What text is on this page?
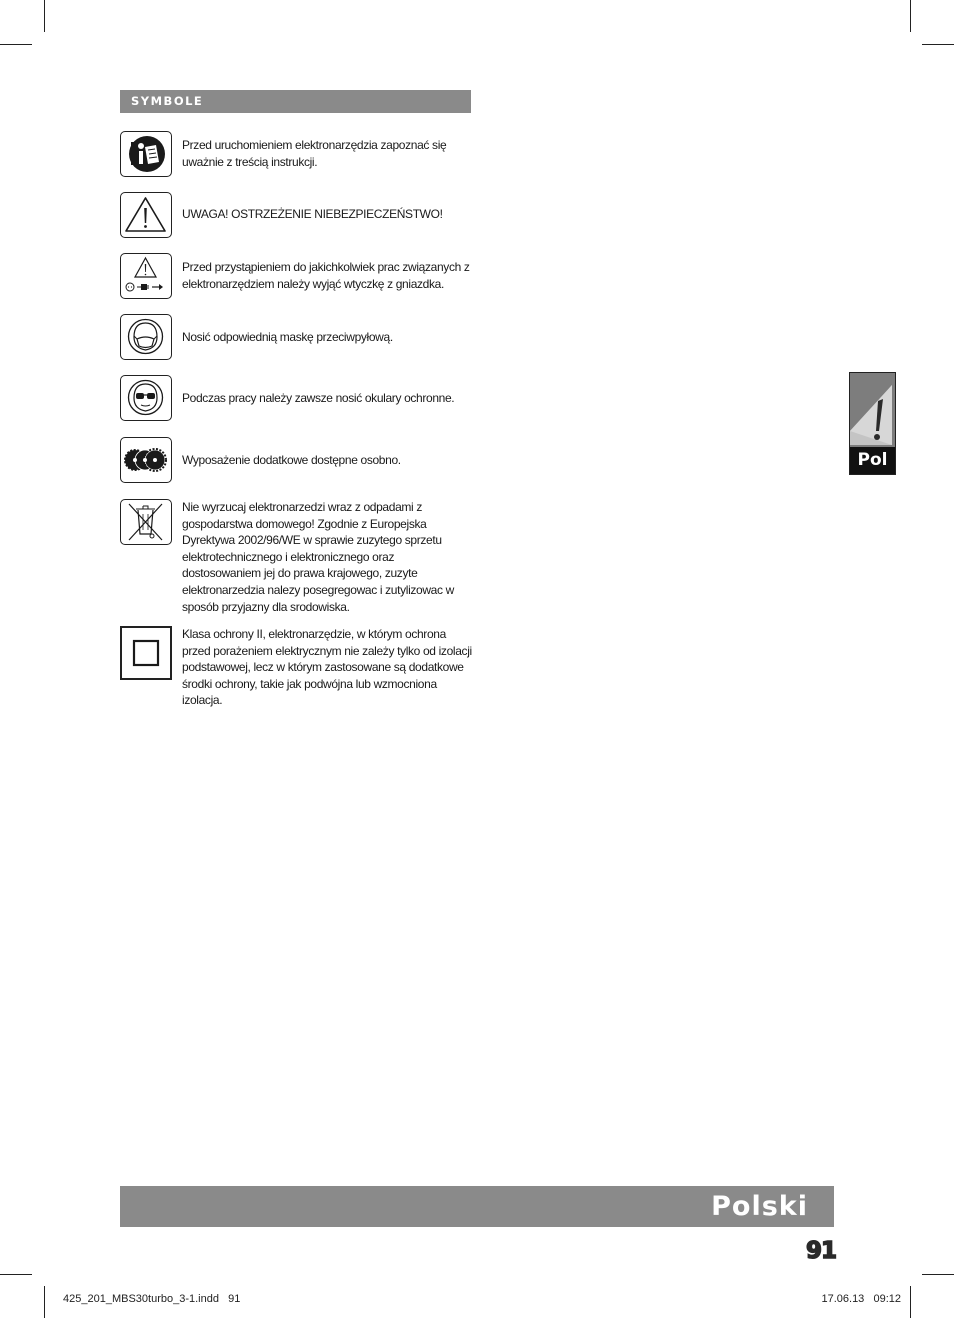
SYMBOLE
Przed uruchomieniem elektronarzędzia zapoznać się uważnie z treścią instrukcji.
UWAGA! OSTRZEŻENIE NIEBEZPIECZEŃSTWO!
Przed przystąpieniem do jakichkolwiek prac związanych z elektronarzędziem należy wyjąć wtyczkę z gniazdka.
Nosić odpowiednią maskę przeciwpyłową.
Podczas pracy należy zawsze nosić okulary ochronne.
Wyposażenie dodatkowe dostępne osobno.
Nie wyrzucaj elektronarzedzi wraz z odpadami z gospodarstwa domowego! Zgodnie z Europejska Dyrektywa 2002/96/WE w sprawie zuzytego sprzetu elektrotechnicznego i elektronicznego oraz dostosowaniem jej do prawa krajowego, zuzyte elektronarzedzia nalezy posegregowac i zutylizowac w sposób przyjazny dla srodowiska.
Klasa ochrony II, elektronarzędzie, w którym ochrona przed porażeniem elektrycznym nie zależy tylko od izolacji podstawowej, lecz w którym zastosowane są dodatkowe środki ochrony, takie jak podwójna lub wzmocniona izolacja.
Pol
Polski
91
425_201_MBS30turbo_3-1.indd   91	17.06.13   09:12
